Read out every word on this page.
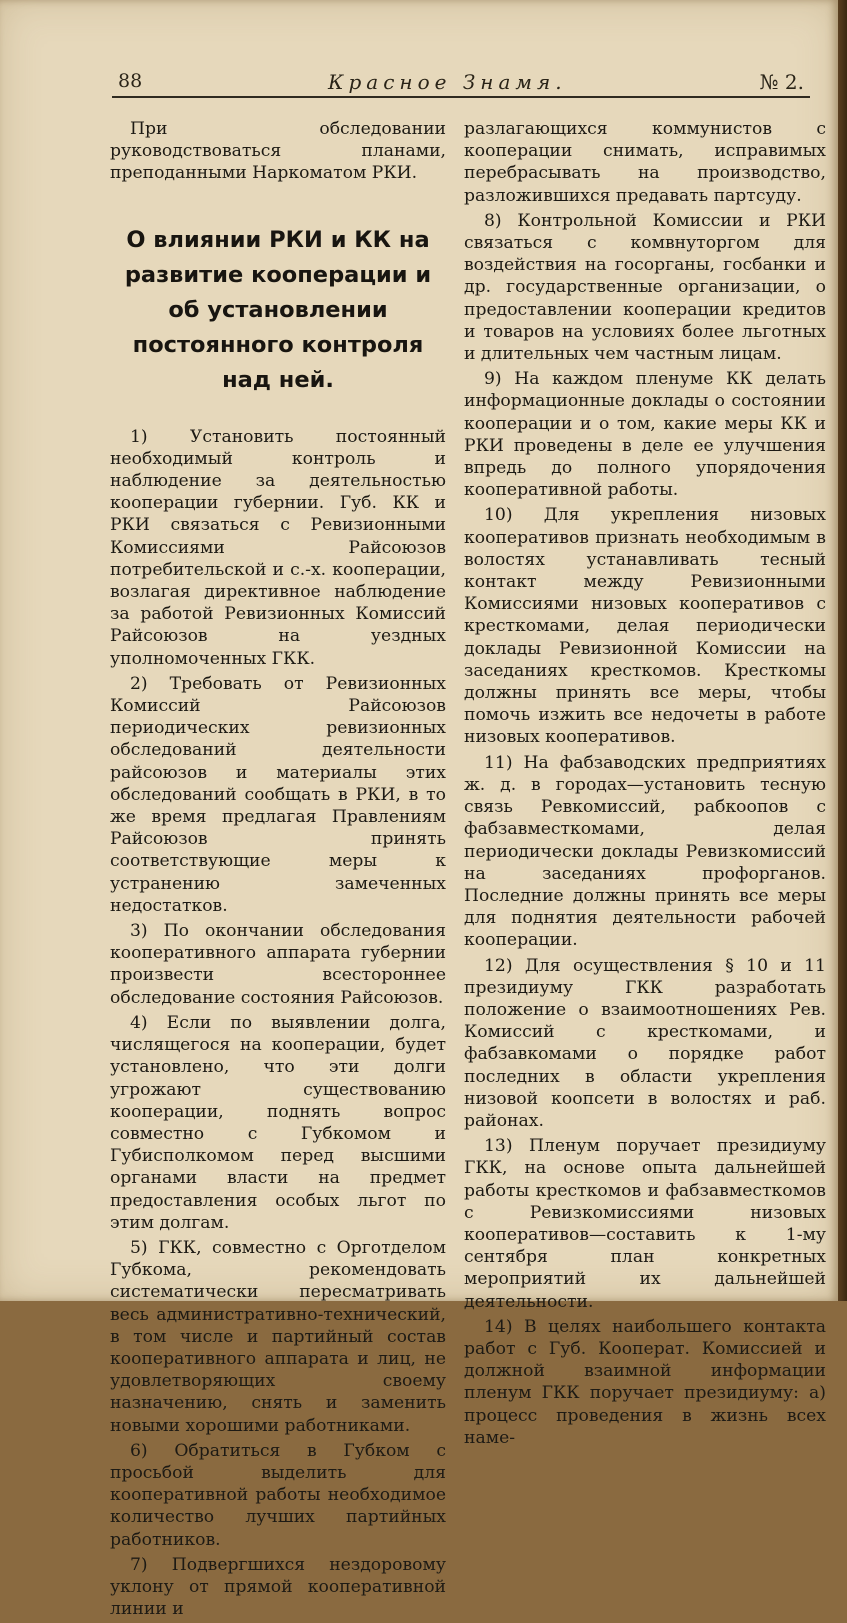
88	Красное Знамя.	№ 2.

При обследовании руководствоваться планами, преподанными Наркоматом РКИ.

О влиянии РКИ и КК на развитие кооперации и об установлении постоянного контроля над ней.

1) Установить постоянный необходимый контроль и наблюдение за деятельностью кооперации губернии. Губ. КК и РКИ связаться с Ревизионными Комиссиями Райсоюзов потребительской и с.-х. кооперации, возлагая директивное наблюдение за работой Ревизионных Комиссий Райсоюзов на уездных уполномоченных ГКК.

2) Требовать от Ревизионных Комиссий Райсоюзов периодических ревизионных обследований деятельности райсоюзов и материалы этих обследований сообщать в РКИ, в то же время предлагая Правлениям Райсоюзов принять соответствующие меры к устранению замеченных недостатков.

3) По окончании обследования кооперативного аппарата губернии произвести всестороннее обследование состояния Райсоюзов.

4) Если по выявлении долга, числящегося на кооперации, будет установлено, что эти долги угрожают существованию кооперации, поднять вопрос совместно с Губкомом и Губисполкомом перед высшими органами власти на предмет предоставления особых льгот по этим долгам.

5) ГКК, совместно с Орготделом Губкома, рекомендовать систематически пересматривать весь административно-технический, в том числе и партийный состав кооперативного аппарата и лиц, не удовлетворяющих своему назначению, снять и заменить новыми хорошими работниками.

6) Обратиться в Губком с просьбой выделить для кооперативной работы необходимое количество лучших партийных работников.

7) Подвергшихся нездоровому уклону от прямой кооперативной линии и

разлагающихся коммунистов с кооперации снимать, исправимых перебрасывать на производство, разложившихся предавать партсуду.

8) Контрольной Комиссии и РКИ связаться с комвнуторгом для воздействия на госорганы, госбанки и др. государственные организации, о предоставлении кооперации кредитов и товаров на условиях более льготных и длительных чем частным лицам.

9) На каждом пленуме КК делать информационные доклады о состоянии кооперации и о том, какие меры КК и РКИ проведены в деле ее улучшения впредь до полного упорядочения кооперативной работы.

10) Для укрепления низовых кооперативов признать необходимым в волостях устанавливать тесный контакт между Ревизионными Комиссиями низовых кооперативов с кресткомами, делая периодически доклады Ревизионной Комиссии на заседаниях кресткомов. Кресткомы должны принять все меры, чтобы помочь изжить все недочеты в работе низовых кооперативов.

11) На фабзаводских предприятиях ж. д. в городах—установить тесную связь Ревкомиссий, рабкоопов с фабзавместкомами, делая периодически доклады Ревизкомиссий на заседаниях профорганов. Последние должны принять все меры для поднятия деятельности рабочей кооперации.

12) Для осуществления § 10 и 11 президиуму ГКК разработать положение о взаимоотношениях Рев. Комиссий с кресткомами, и фабзавкомами о порядке работ последних в области укрепления низовой коопсети в волостях и раб. районах.

13) Пленум поручает президиуму ГКК, на основе опыта дальнейшей работы кресткомов и фабзавместкомов с Ревизкомиссиями низовых кооперативов—составить к 1-му сентября план конкретных мероприятий их дальнейшей деятельности.

14) В целях наибольшего контакта работ с Губ. Кооперат. Комиссией и должной взаимной информации пленум ГКК поручает президиуму: а) процесс проведения в жизнь всех наме-
